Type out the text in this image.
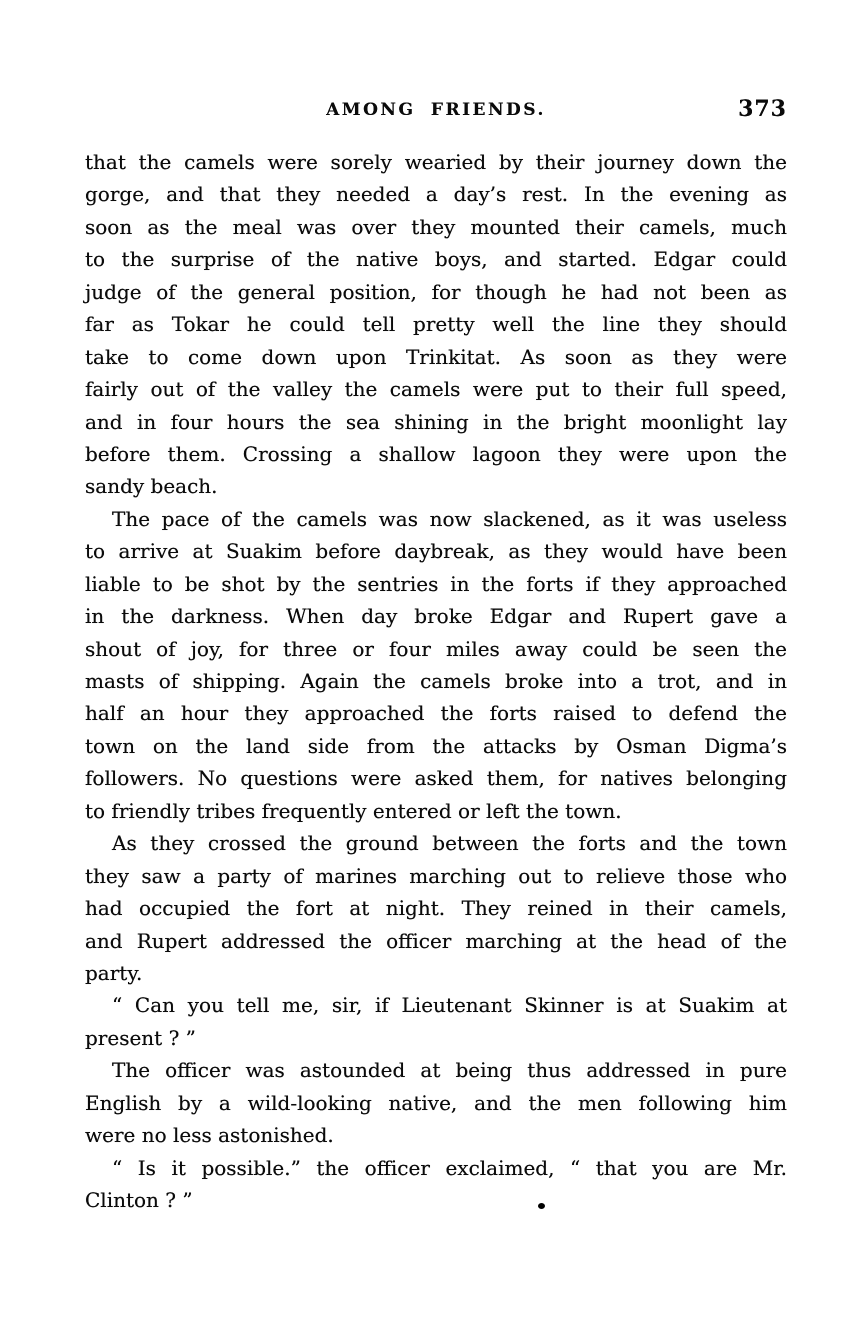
AMONG FRIENDS.	373
that the camels were sorely wearied by their journey down the
gorge, and that they needed a day’s rest. In the evening as
soon as the meal was over they mounted their camels, much
to the surprise of the native boys, and started. Edgar could
judge of the general position, for though he had not been as
far as Tokar he could tell pretty well the line they should
take to come down upon Trinkitat. As soon as they were
fairly out of the valley the camels were put to their full speed,
and in four hours the sea shining in the bright moonlight lay
before them. Crossing a shallow lagoon they were upon the
sandy beach.
The pace of the camels was now slackened, as it was useless
to arrive at Suakim before daybreak, as they would have been
liable to be shot by the sentries in the forts if they approached
in the darkness. When day broke Edgar and Rupert gave a
shout of joy, for three or four miles away could be seen the
masts of shipping. Again the camels broke into a trot, and in
half an hour they approached the forts raised to defend the
town on the land side from the attacks by Osman Digma’s
followers. No questions were asked them, for natives belonging
to friendly tribes frequently entered or left the town.
As they crossed the ground between the forts and the town
they saw a party of marines marching out to relieve those who
had occupied the fort at night. They reined in their camels,
and Rupert addressed the officer marching at the head of the
party.
“ Can you tell me, sir, if Lieutenant Skinner is at Suakim at
present ? ”
The officer was astounded at being thus addressed in pure
English by a wild-looking native, and the men following him
were no less astonished.
“ Is it possible.” the officer exclaimed, “ that you are Mr.
Clinton ? ”
